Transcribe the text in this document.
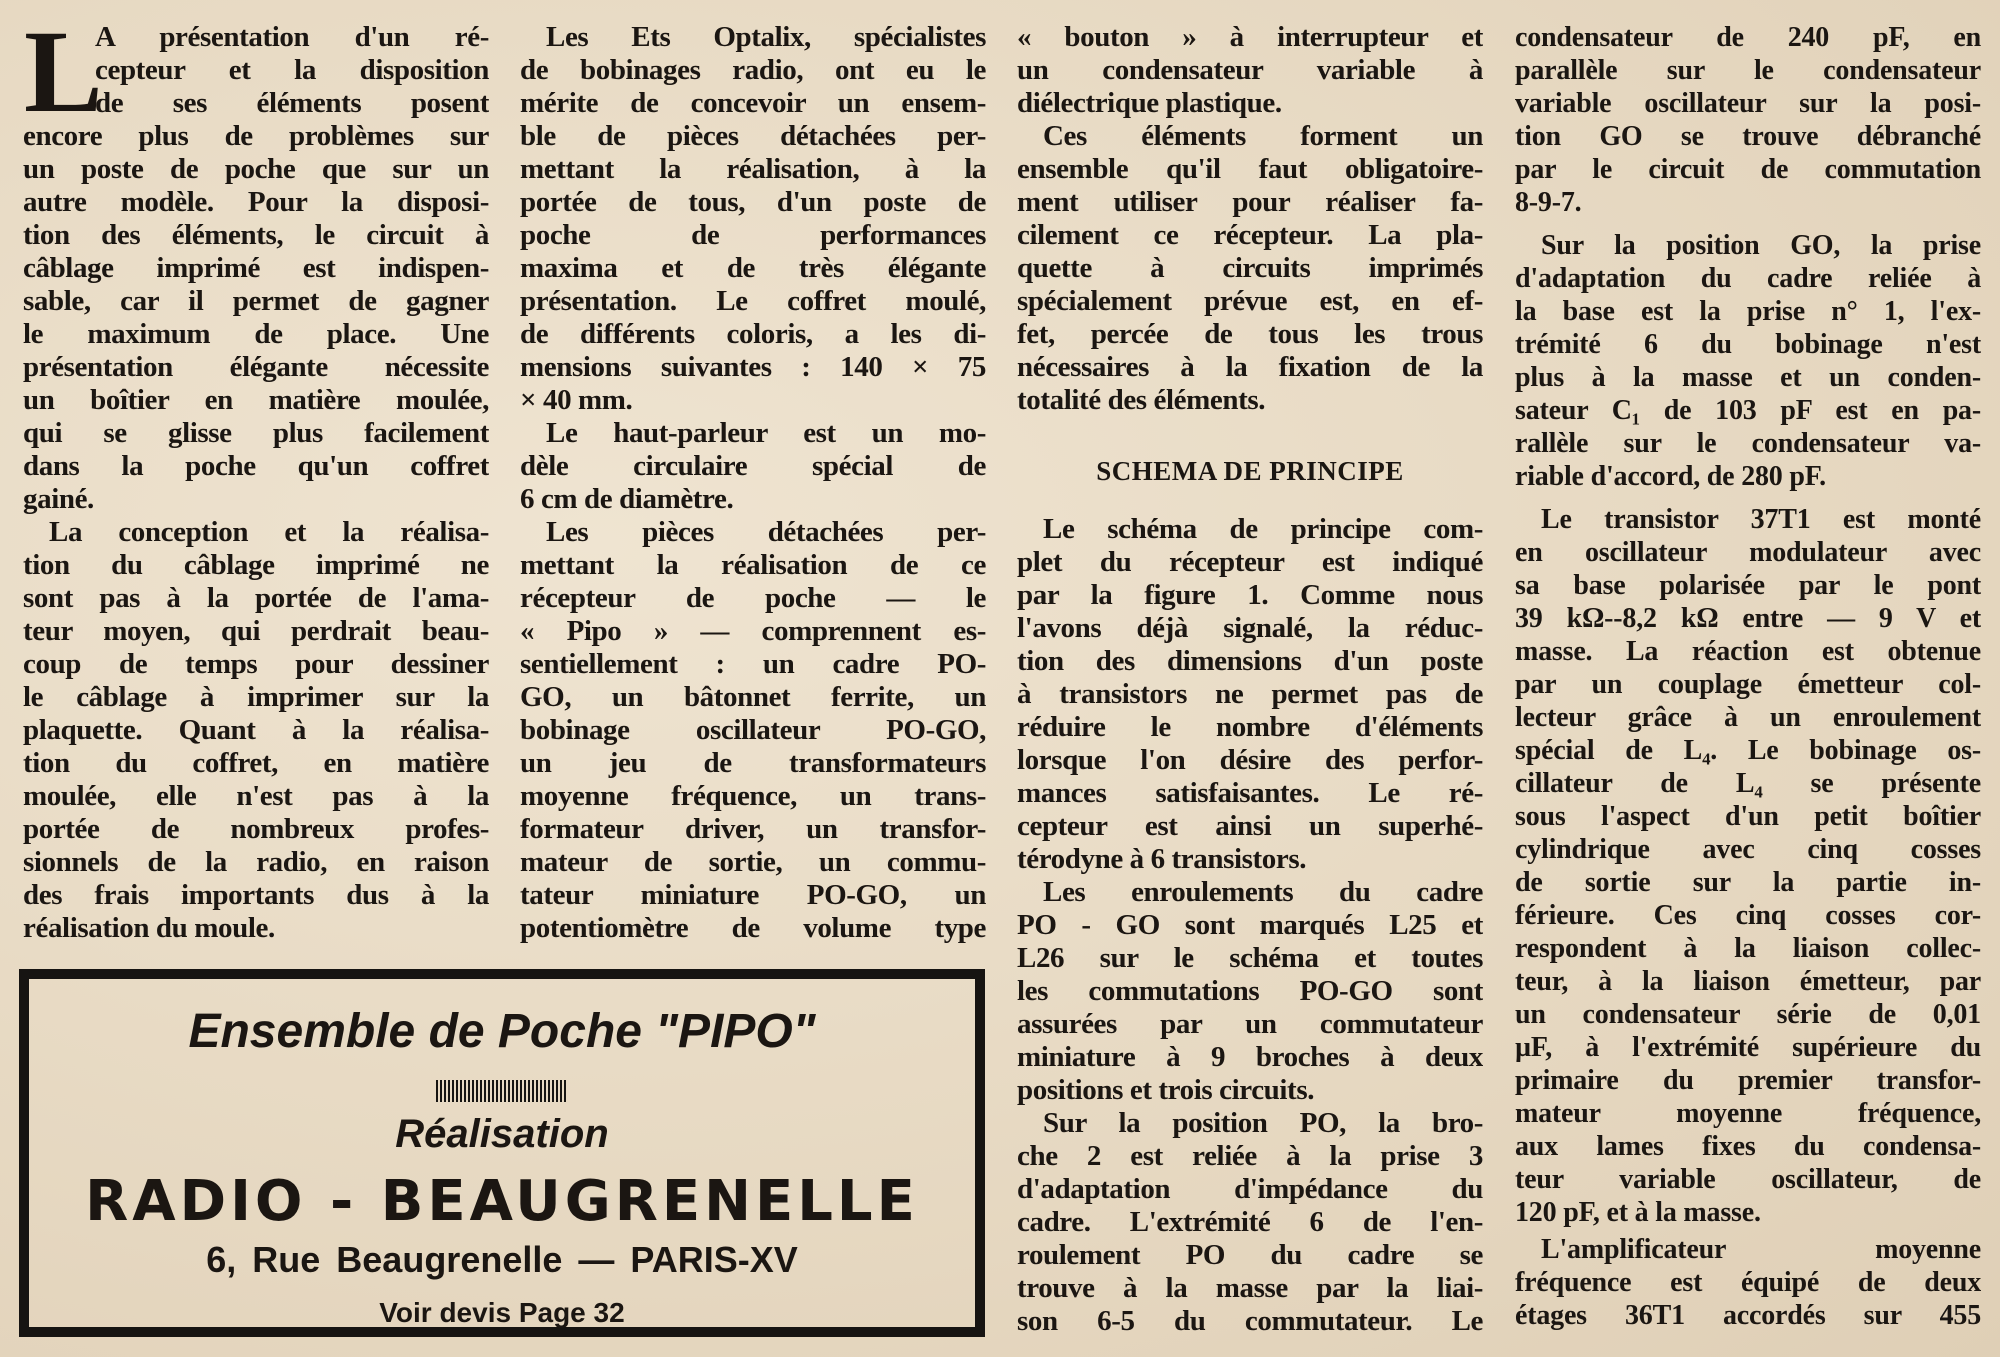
L
A présentation d'un ré-
cepteur et la disposition
de ses éléments posent
encore plus de problèmes sur
un poste de poche que sur un
autre modèle. Pour la disposi-
tion des éléments, le circuit à
câblage imprimé est indispen-
sable, car il permet de gagner
le maximum de place. Une
présentation élégante nécessite
un boîtier en matière moulée,
qui se glisse plus facilement
dans la poche qu'un coffret
gainé.
La conception et la réalisa-
tion du câblage imprimé ne
sont pas à la portée de l'ama-
teur moyen, qui perdrait beau-
coup de temps pour dessiner
le câblage à imprimer sur la
plaquette. Quant à la réalisa-
tion du coffret, en matière
moulée, elle n'est pas à la
portée de nombreux profes-
sionnels de la radio, en raison
des frais importants dus à la
réalisation du moule.
Les Ets Optalix, spécialistes
de bobinages radio, ont eu le
mérite de concevoir un ensem-
ble de pièces détachées per-
mettant la réalisation, à la
portée de tous, d'un poste de
poche de performances
maxima et de très élégante
présentation. Le coffret moulé,
de différents coloris, a les di-
mensions suivantes : 140 × 75
× 40 mm.
Le haut-parleur est un mo-
dèle circulaire spécial de
6 cm de diamètre.
Les pièces détachées per-
mettant la réalisation de ce
récepteur de poche — le
« Pipo » — comprennent es-
sentiellement : un cadre PO-
GO, un bâtonnet ferrite, un
bobinage oscillateur PO-GO,
un jeu de transformateurs
moyenne fréquence, un trans-
formateur driver, un transfor-
mateur de sortie, un commu-
tateur miniature PO-GO, un
potentiomètre de volume type
« bouton » à interrupteur et
un condensateur variable à
diélectrique plastique.
Ces éléments forment un
ensemble qu'il faut obligatoire-
ment utiliser pour réaliser fa-
cilement ce récepteur. La pla-
quette à circuits imprimés
spécialement prévue est, en ef-
fet, percée de tous les trous
nécessaires à la fixation de la
totalité des éléments.
SCHEMA DE PRINCIPE
Le schéma de principe com-
plet du récepteur est indiqué
par la figure 1. Comme nous
l'avons déjà signalé, la réduc-
tion des dimensions d'un poste
à transistors ne permet pas de
réduire le nombre d'éléments
lorsque l'on désire des perfor-
mances satisfaisantes. Le ré-
cepteur est ainsi un superhé-
térodyne à 6 transistors.
Les enroulements du cadre
PO - GO sont marqués L25 et
L26 sur le schéma et toutes
les commutations PO-GO sont
assurées par un commutateur
miniature à 9 broches à deux
positions et trois circuits.
Sur la position PO, la bro-
che 2 est reliée à la prise 3
d'adaptation d'impédance du
cadre. L'extrémité 6 de l'en-
roulement PO du cadre se
trouve à la masse par la liai-
son 6-5 du commutateur. Le
condensateur de 240 pF, en
parallèle sur le condensateur
variable oscillateur sur la posi-
tion GO se trouve débranché
par le circuit de commutation
8-9-7.
Sur la position GO, la prise
d'adaptation du cadre reliée à
la base est la prise n° 1, l'ex-
trémité 6 du bobinage n'est
plus à la masse et un conden-
sateur C₁ de 103 pF est en pa-
rallèle sur le condensateur va-
riable d'accord, de 280 pF.
Le transistor 37T1 est monté
en oscillateur modulateur avec
sa base polarisée par le pont
39 kΩ--8,2 kΩ entre — 9 V et
masse. La réaction est obtenue
par un couplage émetteur col-
lecteur grâce à un enroulement
spécial de L₄. Le bobinage os-
cillateur de L₄ se présente
sous l'aspect d'un petit boîtier
cylindrique avec cinq cosses
de sortie sur la partie in-
férieure. Ces cinq cosses cor-
respondent à la liaison collec-
teur, à la liaison émetteur, par
un condensateur série de 0,01
µF, à l'extrémité supérieure du
primaire du premier transfor-
mateur moyenne fréquence,
aux lames fixes du condensa-
teur variable oscillateur, de
120 pF, et à la masse.
L'amplificateur moyenne
fréquence est équipé de deux
étages 36T1 accordés sur 455
Ensemble de Poche "PIPO"
Réalisation
RADIO - BEAUGRENELLE
6, Rue Beaugrenelle — PARIS-XV
Voir devis Page 32
